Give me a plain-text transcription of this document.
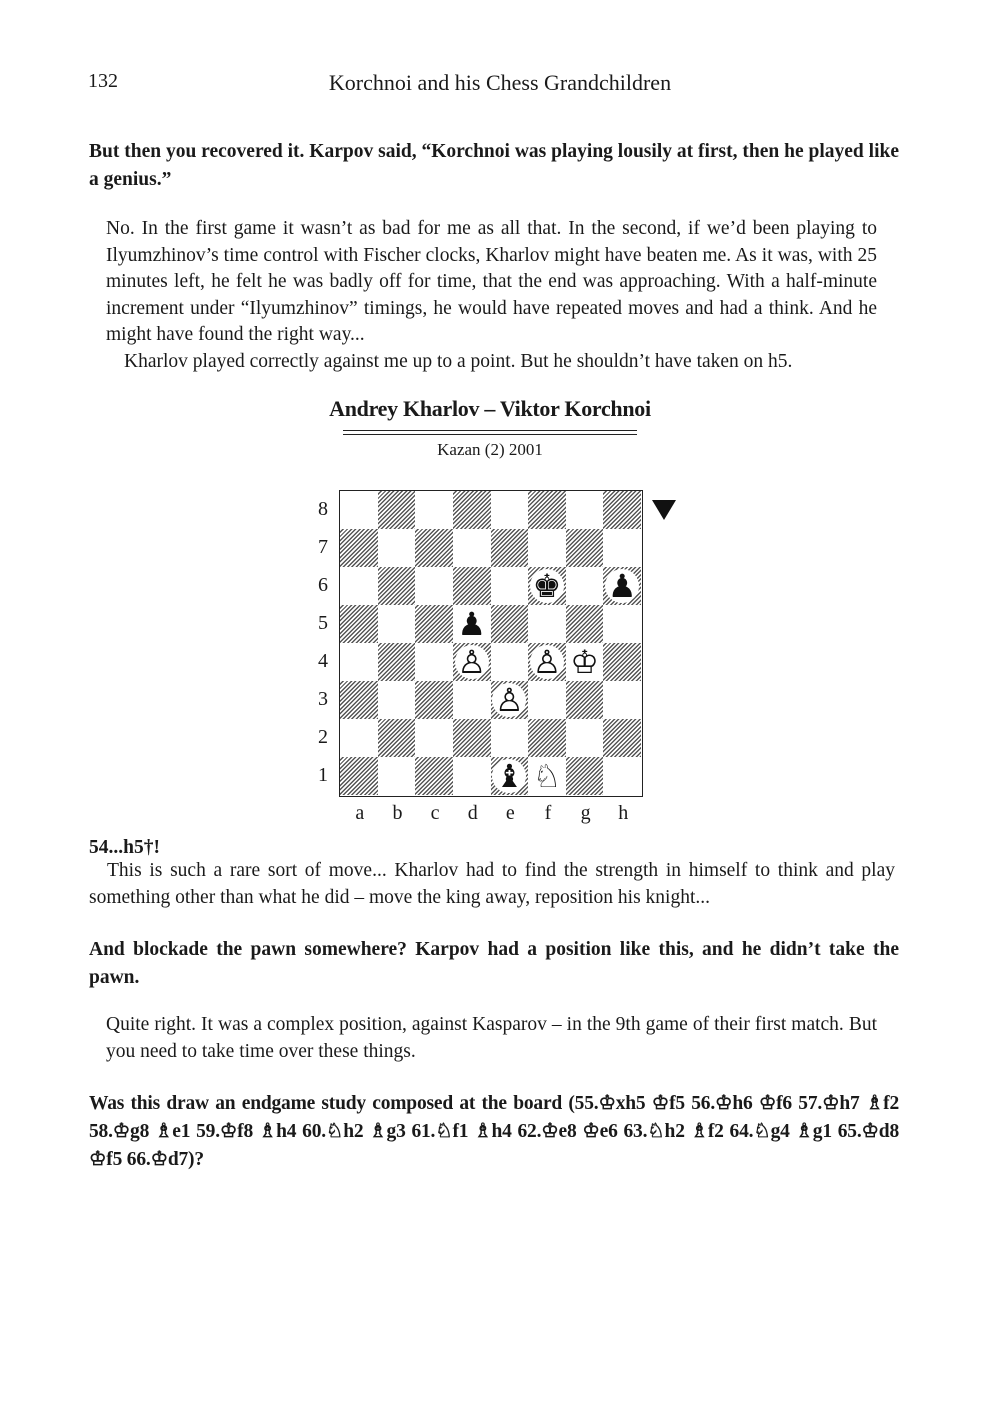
132	Korchnoi and his Chess Grandchildren
But then you recovered it. Karpov said, “Korchnoi was playing lousily at first, then he played like a genius.”

No. In the first game it wasn’t as bad for me as all that. In the second, if we’d been playing to Ilyumzhinov’s time control with Fischer clocks, Kharlov might have beaten me. As it was, with 25 minutes left, he felt he was badly off for time, that the end was approaching. With a half-minute increment under “Ilyumzhinov” timings, he would have repeated moves and had a think. And he might have found the right way...

Kharlov played correctly against me up to a point. But he shouldn’t have taken on h5.

Andrey Kharlov – Viktor Korchnoi
Kazan (2) 2001
8
7
6
5
4
3
2
1
a b c d e	f	g h
♚ ♟
♟
♙ ♙ ♔
♙
♝ ♘
54...h5†!

This is such a rare sort of move... Kharlov had to find the strength in himself to think and play something other than what he did – move the king away, reposition his knight...

And blockade the pawn somewhere? Karpov had a position like this, and he didn’t take the pawn.
Quite right. It was a complex position, against Kasparov – in the 9th game of their first match. But you need to take time over these things.
Was this draw an endgame study composed at the board (55.♔xh5 ♔f5 56.♔h6 ♔f6 57.♔h7 ♗f2 58.♔g8 ♗e1 59.♔f8 ♗h4 60.♘h2 ♗g3 61.♘f1 ♗h4 62.♔e8 ♔e6 63.♘h2 ♗f2 64.♘g4 ♗g1 65.♔d8 ♔f5 66.♔d7)?
